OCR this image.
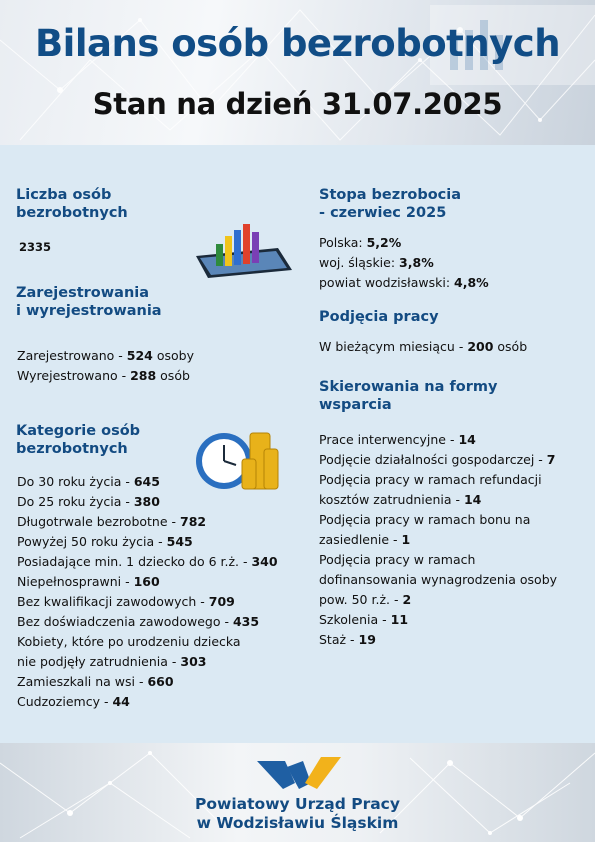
Bilans osób bezrobotnych
Stan na dzień 31.07.2025
Liczba osób
bezrobotnych
2335
Zarejestrowania
i wyrejestrowania
Zarejestrowano - 524 osoby
Wyrejestrowano - 288 osób
Kategorie osób
bezrobotnych
Do 30 roku życia - 645
Do 25 roku życia - 380
Długotrwale bezrobotne - 782
Powyżej 50 roku życia - 545
Posiadające min. 1 dziecko do 6 r.ż. - 340
Niepełnosprawni - 160
Bez kwalifikacji zawodowych - 709
Bez doświadczenia zawodowego - 435
Kobiety, które po urodzeniu dziecka
nie podjęły zatrudnienia - 303
Zamieszkali na wsi - 660
Cudzoziemcy - 44
Stopa bezrobocia
- czerwiec 2025
Polska: 5,2%
woj. śląskie: 3,8%
powiat wodzisławski: 4,8%
Podjęcia pracy
W bieżącym miesiącu - 200 osób
Skierowania na formy
wsparcia
Prace interwencyjne - 14
Podjęcie działalności gospodarczej - 7
Podjęcia pracy w ramach refundacji
kosztów zatrudnienia - 14
Podjęcia pracy w ramach bonu na
zasiedlenie - 1
Podjęcia pracy w ramach
dofinansowania wynagrodzenia osoby
pow. 50 r.ż. - 2
Szkolenia - 11
Staż - 19
Powiatowy Urząd Pracy
w Wodzisławiu Śląskim
